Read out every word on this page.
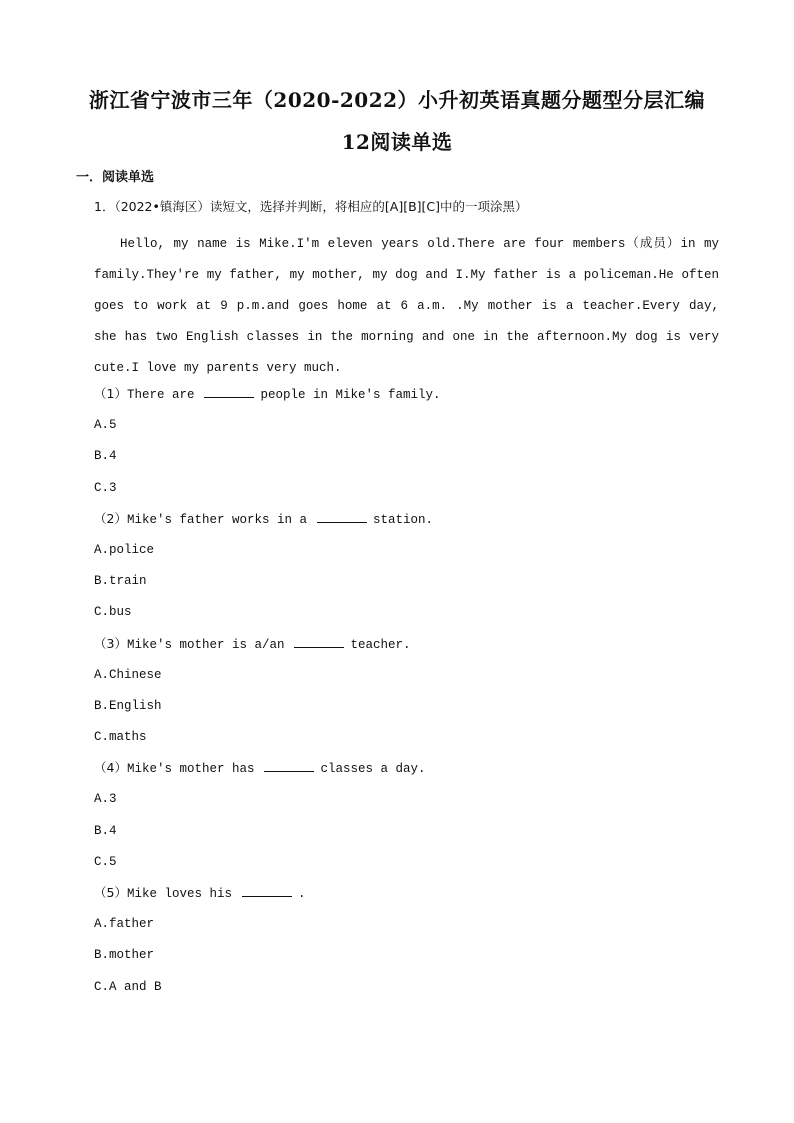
浙江省宁波市三年（2020-2022）小升初英语真题分题型分层汇编
12阅读单选
一．阅读单选
1．（2022•镇海区）读短文，选择并判断，将相应的[A][B][C]中的一项涂黑）

Hello, my name is Mike.I'm eleven years old.There are four members（成员）in my family.They're my father, my mother, my dog and I.My father is a policeman.He often goes to work at 9 p.m.and goes home at 6 a.m. .My mother is a teacher.Every day, she has two English classes in the morning and one in the afternoon.My dog is very cute.I love my parents very much.

（1）There are	people in Mike's family.
A.5
B.4
C.3
（2）Mike's father works in a	station.
A.police
B.train
C.bus
（3）Mike's mother is a/an	teacher.
A.Chinese
B.English
C.maths
（4）Mike's mother has	classes a day.
A.3
B.4
C.5
（5）Mike loves his	.
A.father
B.mother
C.A and B
